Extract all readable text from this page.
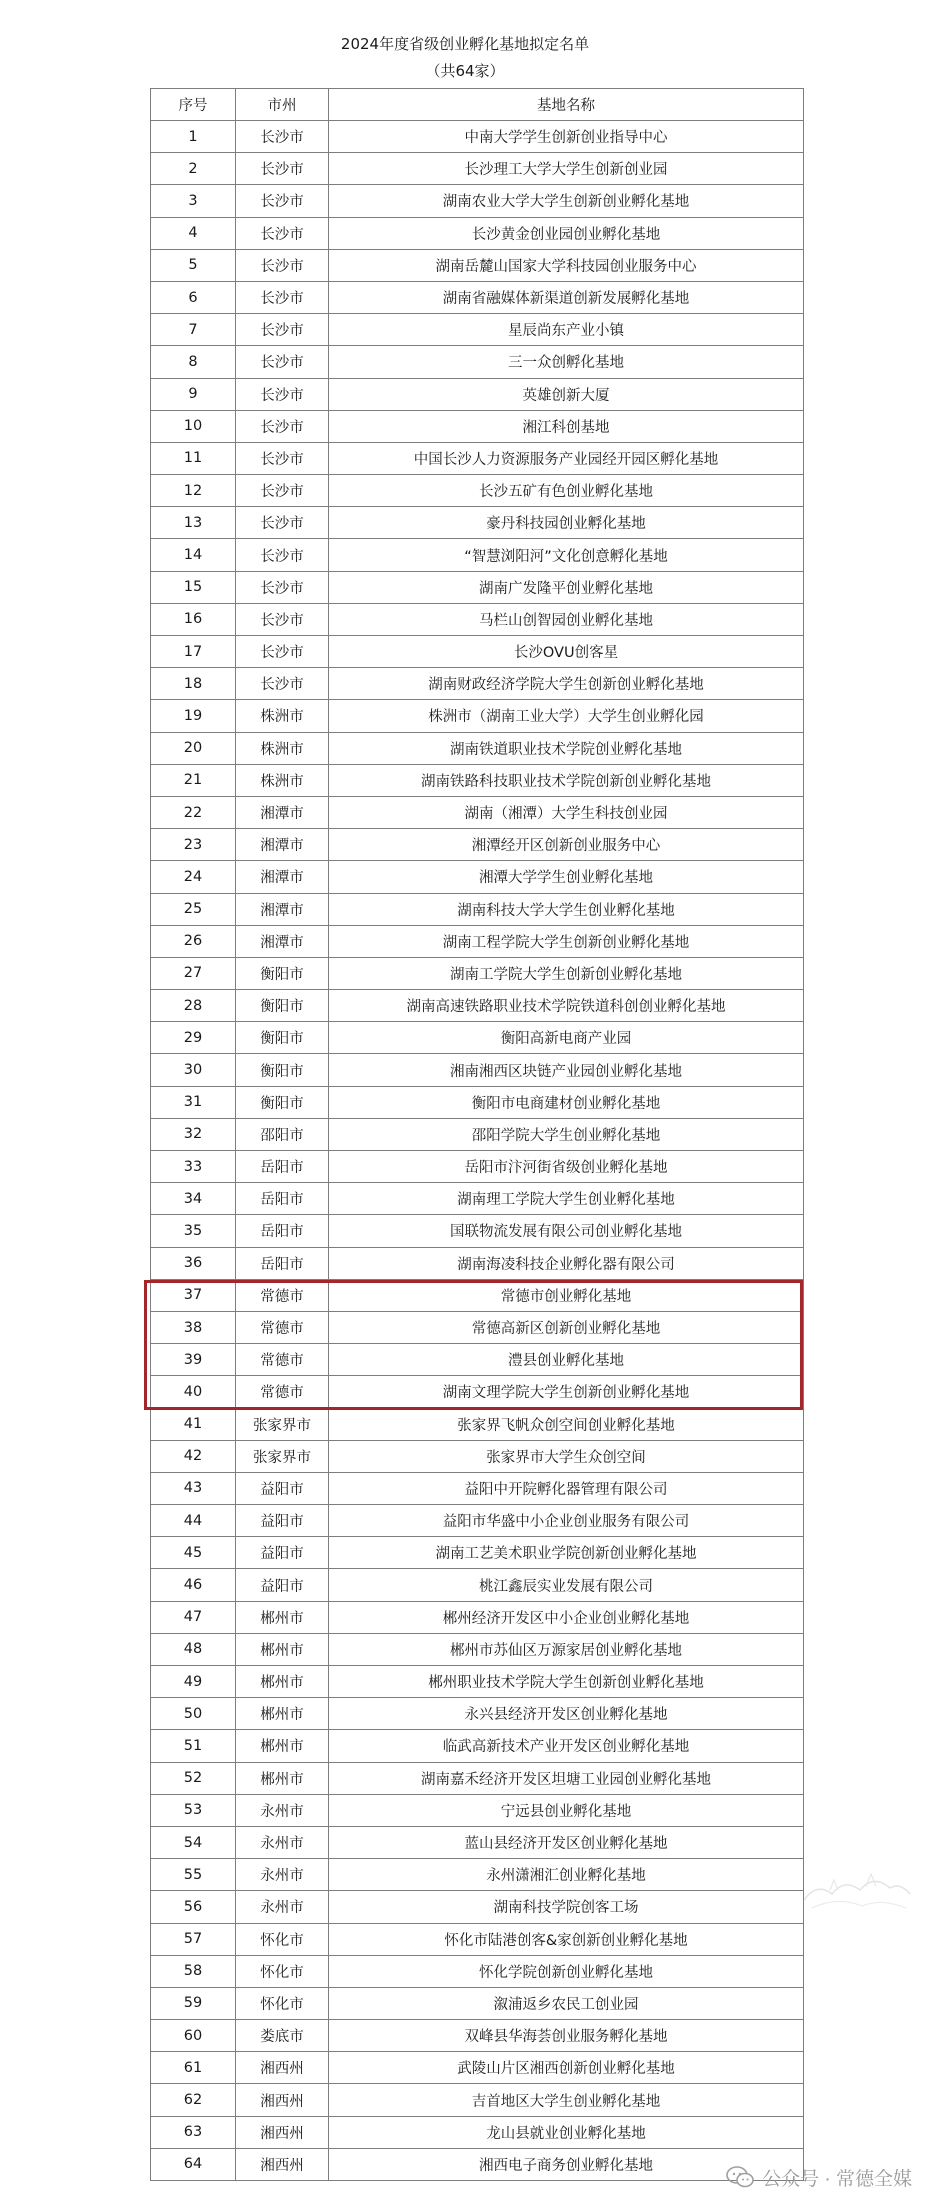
2024年度省级创业孵化基地拟定名单
（共64家）
序号	市州	基地名称
1	长沙市	中南大学学生创新创业指导中心
2	长沙市	长沙理工大学大学生创新创业园
3	长沙市	湖南农业大学大学生创新创业孵化基地
4	长沙市	长沙黄金创业园创业孵化基地
5	长沙市	湖南岳麓山国家大学科技园创业服务中心
6	长沙市	湖南省融媒体新渠道创新发展孵化基地
7	长沙市	星辰尚东产业小镇
8	长沙市	三一众创孵化基地
9	长沙市	英雄创新大厦
10	长沙市	湘江科创基地
11	长沙市	中国长沙人力资源服务产业园经开园区孵化基地
12	长沙市	长沙五矿有色创业孵化基地
13	长沙市	豪丹科技园创业孵化基地
14	长沙市	“智慧浏阳河”文化创意孵化基地
15	长沙市	湖南广发隆平创业孵化基地
16	长沙市	马栏山创智园创业孵化基地
17	长沙市	长沙OVU创客星
18	长沙市	湖南财政经济学院大学生创新创业孵化基地
19	株洲市	株洲市（湖南工业大学）大学生创业孵化园
20	株洲市	湖南铁道职业技术学院创业孵化基地
21	株洲市	湖南铁路科技职业技术学院创新创业孵化基地
22	湘潭市	湖南（湘潭）大学生科技创业园
23	湘潭市	湘潭经开区创新创业服务中心
24	湘潭市	湘潭大学学生创业孵化基地
25	湘潭市	湖南科技大学大学生创业孵化基地
26	湘潭市	湖南工程学院大学生创新创业孵化基地
27	衡阳市	湖南工学院大学生创新创业孵化基地
28	衡阳市	湖南高速铁路职业技术学院铁道科创创业孵化基地
29	衡阳市	衡阳高新电商产业园
30	衡阳市	湘南湘西区块链产业园创业孵化基地
31	衡阳市	衡阳市电商建材创业孵化基地
32	邵阳市	邵阳学院大学生创业孵化基地
33	岳阳市	岳阳市汴河街省级创业孵化基地
34	岳阳市	湖南理工学院大学生创业孵化基地
35	岳阳市	国联物流发展有限公司创业孵化基地
36	岳阳市	湖南海凌科技企业孵化器有限公司
37	常德市	常德市创业孵化基地
38	常德市	常德高新区创新创业孵化基地
39	常德市	澧县创业孵化基地
40	常德市	湖南文理学院大学生创新创业孵化基地
41	张家界市	张家界飞帆众创空间创业孵化基地
42	张家界市	张家界市大学生众创空间
43	益阳市	益阳中开院孵化器管理有限公司
44	益阳市	益阳市华盛中小企业创业服务有限公司
45	益阳市	湖南工艺美术职业学院创新创业孵化基地
46	益阳市	桃江鑫辰实业发展有限公司
47	郴州市	郴州经济开发区中小企业创业孵化基地
48	郴州市	郴州市苏仙区万源家居创业孵化基地
49	郴州市	郴州职业技术学院大学生创新创业孵化基地
50	郴州市	永兴县经济开发区创业孵化基地
51	郴州市	临武高新技术产业开发区创业孵化基地
52	郴州市	湖南嘉禾经济开发区坦塘工业园创业孵化基地
53	永州市	宁远县创业孵化基地
54	永州市	蓝山县经济开发区创业孵化基地
55	永州市	永州潇湘汇创业孵化基地
56	永州市	湖南科技学院创客工场
57	怀化市	怀化市陆港创客&家创新创业孵化基地
58	怀化市	怀化学院创新创业孵化基地
59	怀化市	溆浦返乡农民工创业园
60	娄底市	双峰县华海荟创业服务孵化基地
61	湘西州	武陵山片区湘西创新创业孵化基地
62	湘西州	吉首地区大学生创业孵化基地
63	湘西州	龙山县就业创业孵化基地
64	湘西州	湘西电子商务创业孵化基地
公众号 · 常德全媒
